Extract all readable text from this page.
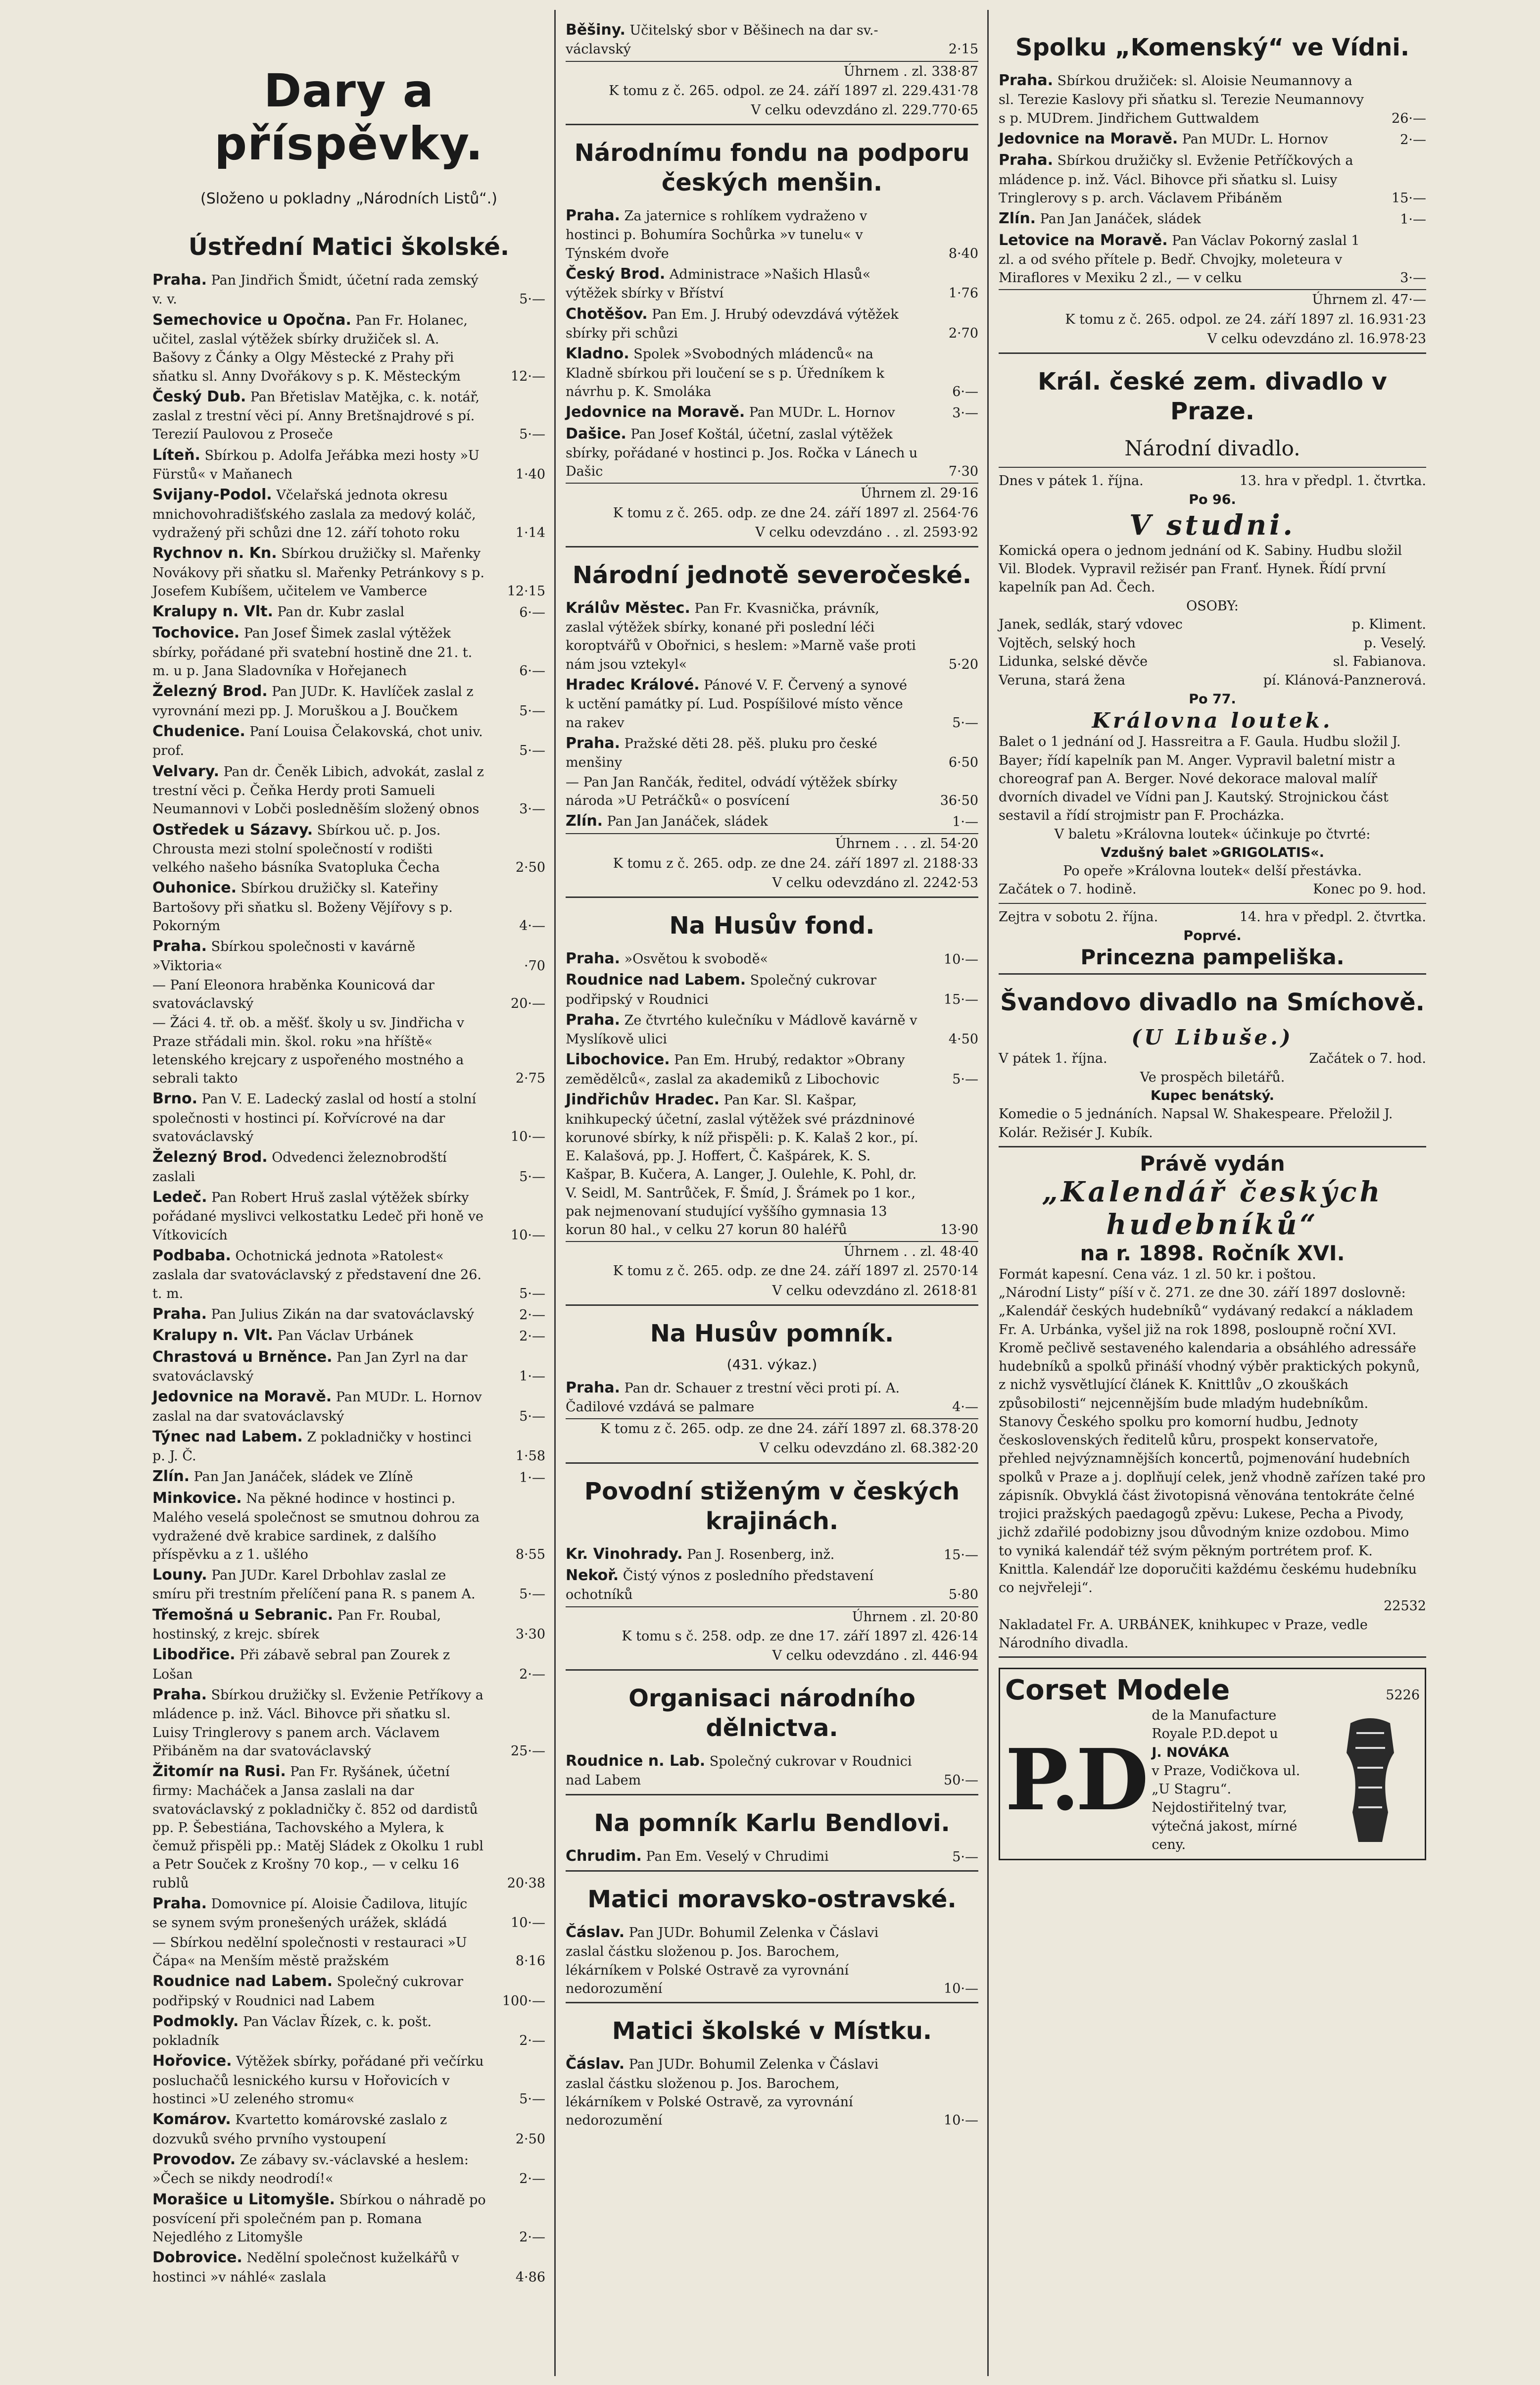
Dary a příspěvky.
(Složeno u pokladny „Národních Listů“.)
Ústřední Matici školské.
Praha. Pan Jindřich Šmidt, účetní rada zemský v. v.	5·—
Semechovice u Opočna. Pan Fr. Holanec, učitel, zaslal výtěžek sbírky družiček sl. A. Bašovy z Čánky a Olgy Městecké z Prahy při sňatku sl. Anny Dvořákovy s p. K. Městeckým	12·—
Český Dub. Pan Břetislav Matějka, c. k. notář, zaslal z trestní věci pí. Anny Bretšnajdrové s pí. Terezií Paulovou z Proseče	5·—
Líteň. Sbírkou p. Adolfa Jeřábka mezi hosty »U Fürstů« v Maňanech	1·40
Svijany-Podol. Včelařská jednota okresu mnichovohradišťského zaslala za medový koláč, vydražený při schůzi dne 12. září tohoto roku	1·14
Rychnov n. Kn. Sbírkou družičky sl. Mařenky Novákovy při sňatku sl. Mařenky Petránkovy s p. Josefem Kubíšem, učitelem ve Vamberce	12·15
Kralupy n. Vlt. Pan dr. Kubr zaslal	6·—
Tochovice. Pan Josef Šimek zaslal výtěžek sbírky, pořádané při svatební hostině dne 21. t. m. u p. Jana Sladovníka v Hořejanech	6·—
Železný Brod. Pan JUDr. K. Havlíček zaslal z vyrovnání mezi pp. J. Moruškou a J. Boučkem	5·—
Chudenice. Paní Louisa Čelakovská, chot univ. prof.	5·—
Velvary. Pan dr. Čeněk Libich, advokát, zaslal z trestní věci p. Čeňka Herdy proti Samueli Neumannovi v Lobči posledněším složený obnos	3·—
Ostředek u Sázavy. Sbírkou uč. p. Jos. Chrousta mezi stolní společností v rodišti velkého našeho básníka Svatopluka Čecha	2·50
Ouhonice. Sbírkou družičky sl. Kateřiny Bartošovy při sňatku sl. Boženy Vějířovy s p. Pokorným	4·—
Praha. Sbírkou společnosti v kavárně »Viktoria«	·70
— Paní Eleonora hraběnka Kounicová dar svatováclavský	20·—
— Žáci 4. tř. ob. a měšť. školy u sv. Jindřicha v Praze střádali min. škol. roku »na hříště« letenského krejcary z uspořeného mostného a sebrali takto	2·75
Brno. Pan V. E. Ladecký zaslal od hostí a stolní společnosti v hostinci pí. Kořvícrové na dar svatováclavský	10·—
Železný Brod. Odvedenci železnobrodští zaslali	5·—
Ledeč. Pan Robert Hruš zaslal výtěžek sbírky pořádané myslivci velkostatku Ledeč při honě ve Vítkovicích	10·—
Podbaba. Ochotnická jednota »Ratolest« zaslala dar svatováclavský z představení dne 26. t. m.	5·—
Praha. Pan Julius Zikán na dar svatováclavský	2·—
Kralupy n. Vlt. Pan Václav Urbánek	2·—
Chrastová u Brněnce. Pan Jan Zyrl na dar svatováclavský	1·—
Jedovnice na Moravě. Pan MUDr. L. Hornov zaslal na dar svatováclavský	5·—
Týnec nad Labem. Z pokladničky v hostinci p. J. Č.	1·58
Zlín. Pan Jan Janáček, sládek ve Zlíně	1·—
Minkovice. Na pěkné hodince v hostinci p. Malého veselá společnost se smutnou dohrou za vydražené dvě krabice sardinek, z dalšího příspěvku a z 1. ušlého	8·55
Louny. Pan JUDr. Karel Drbohlav zaslal ze smíru při trestním přelíčení pana R. s panem A.	5·—
Třemošná u Sebranic. Pan Fr. Roubal, hostinský, z krejc. sbírek	3·30
Libodřice. Při zábavě sebral pan Zourek z Lošan	2·—
Praha. Sbírkou družičky sl. Evženie Petříkovy a mládence p. inž. Václ. Bihovce při sňatku sl. Luisy Tringlerovy s panem arch. Václavem Přibáněm na dar svatováclavský	25·—
Žitomír na Rusi. Pan Fr. Ryšánek, účetní firmy: Macháček a Jansa zaslali na dar svatováclavský z pokladničky č. 852 od dardistů pp. P. Šebestiána, Tachovského a Mylera, k čemuž přispěli pp.: Matěj Sládek z Okolku 1 rubl a Petr Souček z Krošny 70 kop., — v celku 16 rublů	20·38
Praha. Domovnice pí. Aloisie Čadilova, litujíc se synem svým pronešených urážek, skládá	10·—
— Sbírkou nedělní společnosti v restauraci »U Čápa« na Menším městě pražském	8·16
Roudnice nad Labem. Společný cukrovar podřipský v Roudnici nad Labem	100·—
Podmokly. Pan Václav Řízek, c. k. pošt. pokladník	2·—
Hořovice. Výtěžek sbírky, pořádané při večírku posluchačů lesnického kursu v Hořovicích v hostinci »U zeleného stromu«	5·—
Komárov. Kvartetto komárovské zaslalo z dozvuků svého prvního vystoupení	2·50
Provodov. Ze zábavy sv.-václavské a heslem: »Čech se nikdy neodrodí!«	2·—
Morašice u Litomyšle. Sbírkou o náhradě po posvícení při společném pan p. Romana Nejedlého z Litomyšle	2·—
Dobrovice. Nedělní společnost kuželkářů v hostinci »v náhlé« zaslala	4·86
Běšiny. Učitelský sbor v Běšinech na dar sv.-václavský	2·15
Úhrnem . zl. 338·87
K tomu z č. 265. odpol. ze 24. září 1897 zl. 229.431·78
V celku odevzdáno zl. 229.770·65
Národnímu fondu na podporu českých menšin.
Praha. Za jaternice s rohlíkem vydraženo v hostinci p. Bohumíra Sochůrka »v tunelu« v Týnském dvoře	8·40
Český Brod. Administrace »Našich Hlasů« výtěžek sbírky v Bříství	1·76
Chotěšov. Pan Em. J. Hrubý odevzdává výtěžek sbírky při schůzi	2·70
Kladno. Spolek »Svobodných mládenců« na Kladně sbírkou při loučení se s p. Úředníkem k návrhu p. K. Smoláka	6·—
Jedovnice na Moravě. Pan MUDr. L. Hornov	3·—
Dašice. Pan Josef Koštál, účetní, zaslal výtěžek sbírky, pořádané v hostinci p. Jos. Ročka v Lánech u Dašic	7·30
Úhrnem zl. 29·16
K tomu z č. 265. odp. ze dne 24. září 1897 zl. 2564·76
V celku odevzdáno . . zl. 2593·92
Národní jednotě severočeské.
Králův Městec. Pan Fr. Kvasnička, právník, zaslal výtěžek sbírky, konané při poslední léči koroptvářů v Obořnici, s heslem: »Marně vaše proti nám jsou vztekyl«	5·20
Hradec Králové. Pánové V. F. Červený a synové k uctění památky pí. Lud. Pospíšilové místo věnce na rakev	5·—
Praha. Pražské děti 28. pěš. pluku pro české menšiny	6·50
— Pan Jan Rančák, ředitel, odvádí výtěžek sbírky národa »U Petráčků« o posvícení	36·50
Zlín. Pan Jan Janáček, sládek	1·—
Úhrnem . . . zl. 54·20
K tomu z č. 265. odp. ze dne 24. září 1897 zl. 2188·33
V celku odevzdáno zl. 2242·53
Na Husův fond.
Praha. »Osvětou k svobodě«	10·—
Roudnice nad Labem. Společný cukrovar podřipský v Roudnici	15·—
Praha. Ze čtvrtého kulečníku v Mádlově kavárně v Myslíkově ulici	4·50
Libochovice. Pan Em. Hrubý, redaktor »Obrany zemědělců«, zaslal za akademiků z Libochovic	5·—
Jindřichův Hradec. Pan Kar. Sl. Kašpar, knihkupecký účetní, zaslal výtěžek své prázdninové korunové sbírky, k níž přispěli: p. K. Kalaš 2 kor., pí. E. Kalašová, pp. J. Hoffert, Č. Kašpárek, K. S. Kašpar, B. Kučera, A. Langer, J. Oulehle, K. Pohl, dr. V. Seidl, M. Santrůček, F. Šmíd, J. Šrámek po 1 kor., pak nejmenovaní studující vyššího gymnasia 13 korun 80 hal., v celku 27 korun 80 haléřů	13·90
Úhrnem . . zl. 48·40
K tomu z č. 265. odp. ze dne 24. září 1897 zl. 2570·14
V celku odevzdáno zl. 2618·81
Na Husův pomník.
(431. výkaz.)
Praha. Pan dr. Schauer z trestní věci proti pí. A. Čadilové vzdává se palmare	4·—
K tomu z č. 265. odp. ze dne 24. září 1897 zl. 68.378·20
V celku odevzdáno zl. 68.382·20
Povodní stiženým v českých krajinách.
Kr. Vinohrady. Pan J. Rosenberg, inž.	15·—
Nekoř. Čistý výnos z posledního představení ochotníků	5·80
Úhrnem . zl. 20·80
K tomu s č. 258. odp. ze dne 17. září 1897 zl. 426·14
V celku odevzdáno . zl. 446·94
Organisaci národního dělnictva.
Roudnice n. Lab. Společný cukrovar v Roudnici nad Labem	50·—
Na pomník Karlu Bendlovi.
Chrudim. Pan Em. Veselý v Chrudimi	5·—
Matici moravsko-ostravské.
Čáslav. Pan JUDr. Bohumil Zelenka v Čáslavi zaslal částku složenou p. Jos. Barochem, lékárníkem v Polské Ostravě za vyrovnání nedorozumění	10·—
Matici školské v Místku.
Čáslav. Pan JUDr. Bohumil Zelenka v Čáslavi zaslal částku složenou p. Jos. Barochem, lékárníkem v Polské Ostravě, za vyrovnání nedorozumění	10·—
Spolku „Komenský“ ve Vídni.
Praha. Sbírkou družiček: sl. Aloisie Neumannovy a sl. Terezie Kaslovy při sňatku sl. Terezie Neumannovy s p. MUDrem. Jindřichem Guttwaldem	26·—
Jedovnice na Moravě. Pan MUDr. L. Hornov	2·—
Praha. Sbírkou družičky sl. Evženie Petříčkových a mládence p. inž. Václ. Bihovce při sňatku sl. Luisy Tringlerovy s p. arch. Václavem Přibáněm	15·—
Zlín. Pan Jan Janáček, sládek	1·—
Letovice na Moravě. Pan Václav Pokorný zaslal 1 zl. a od svého přítele p. Bedř. Chvojky, moleteura v Miraflores v Mexiku 2 zl., — v celku	3·—
Úhrnem zl. 47·—
K tomu z č. 265. odpol. ze 24. září 1897 zl. 16.931·23
V celku odevzdáno zl. 16.978·23
Král. české zem. divadlo v Praze.
Národní divadlo.
Dnes v pátek 1. října.	13. hra v předpl. 1. čtvrtka.
Po 96.
V studni.
Komická opera o jednom jednání od K. Sabiny. Hudbu složil Vil. Blodek. Vypravil režisér pan Franť. Hynek. Řídí první kapelník pan Ad. Čech.
OSOBY:
Janek, sedlák, starý vdovec	p. Kliment.
Vojtěch, selský hoch	p. Veselý.
Lidunka, selské děvče	sl. Fabianova.
Veruna, stará žena	pí. Klánová-Panznerová.
Po 77.
Královna loutek.
Balet o 1 jednání od J. Hassreitra a F. Gaula. Hudbu složil J. Bayer; řídí kapelník pan M. Anger. Vypravil baletní mistr a choreograf pan A. Berger. Nové dekorace maloval malíř dvorních divadel ve Vídni pan J. Kautský. Strojnickou část sestavil a řídí strojmistr pan F. Procházka.
V baletu »Královna loutek« účinkuje po čtvrté:
Vzdušný balet »GRIGOLATIS«.
Po opeře »Královna loutek« delší přestávka.
Začátek o 7. hodině.	Konec po 9. hod.
Zejtra v sobotu 2. října.	14. hra v předpl. 2. čtvrtka.
Poprvé.
Princezna pampeliška.
Švandovo divadlo na Smíchově.
(U Libuše.)
V pátek 1. října.	Začátek o 7. hod.
Ve prospěch biletářů.
Kupec benátský.
Komedie o 5 jednáních. Napsal W. Shakespeare. Přeložil J. Kolár. Režisér J. Kubík.
Právě vydán
„Kalendář českých hudebníků“
na r. 1898. Ročník XVI.
Formát kapesní. Cena váz. 1 zl. 50 kr. i poštou.
„Národní Listy“ píší v č. 271. ze dne 30. září 1897 doslovně:
„Kalendář českých hudebníků“ vydávaný redakcí a nákladem Fr. A. Urbánka, vyšel již na rok 1898, posloupně roční XVI. Kromě pečlivě sestaveného kalendaria a obsáhlého adressáře hudebníků a spolků přináší vhodný výběr praktických pokynů, z nichž vysvětlující článek K. Knittlův „O zkouškách způsobilosti“ nejcennějším bude mladým hudebníkům. Stanovy Českého spolku pro komorní hudbu, Jednoty československých ředitelů kůru, prospekt konservatoře, přehled nejvýznamnějších koncertů, pojmenování hudebních spolků v Praze a j. doplňují celek, jenž vhodně zařízen také pro zápisník. Obvyklá část životopisná věnována tentokráte čelné trojici pražských paedagogů zpěvu: Lukese, Pecha a Pivody, jichž zdařilé podobizny jsou důvodným knize ozdobou. Mimo to vyniká kalendář též svým pěkným portrétem prof. K. Knittla. Kalendář lze doporučiti každému českému hudebníku co nejvřeleji“.
22532
Nakladatel Fr. A. URBÁNEK, knihkupec v Praze, vedle Národního divadla.
Corset Modele	5226
P.D
de la Manufacture Royale P.D.depot u
J. NOVÁKA
v Praze, Vodičkova ul. „U Stagru“. Nejdostiřitelný tvar, výtečná jakost, mírné ceny.
